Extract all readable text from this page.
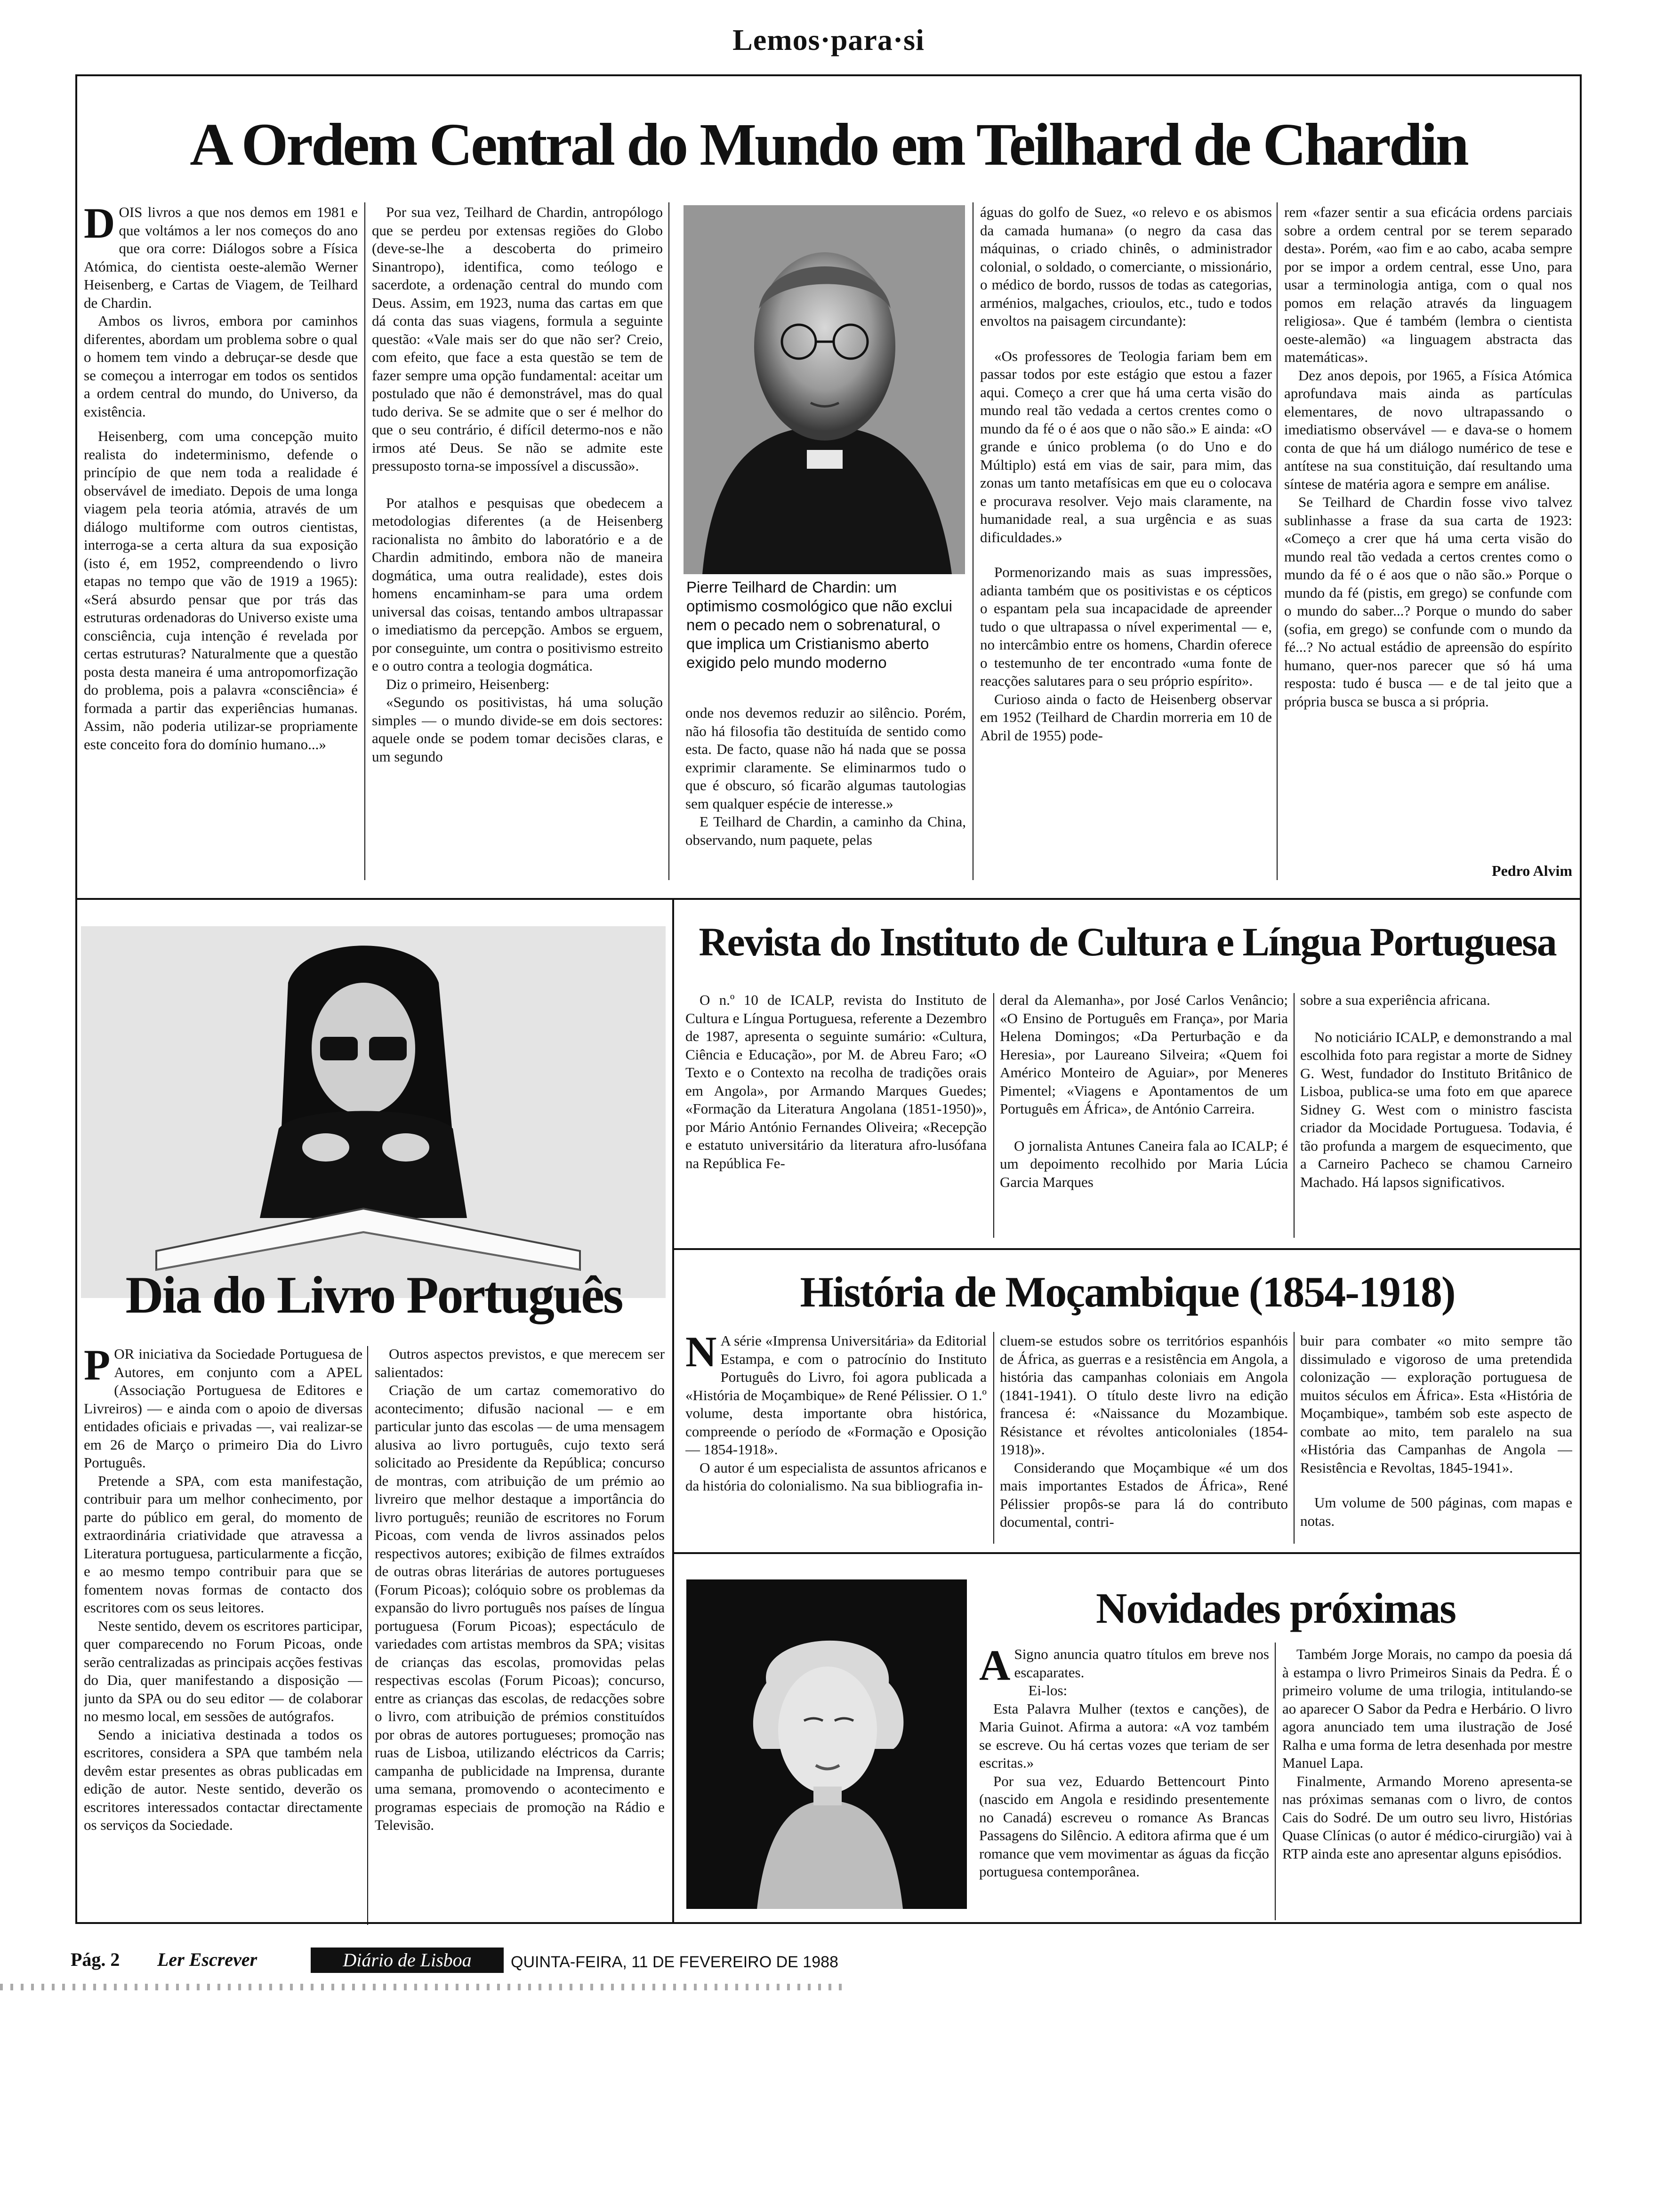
Lemos·para·si
A Ordem Central do Mundo em Teilhard de Chardin

DOIS livros a que nos demos em 1981 e que voltámos a ler nos começos do ano que ora corre: Diálogos sobre a Física Atómica, do cientista oeste-alemão Werner Heisenberg, e Cartas de Viagem, de Teilhard de Chardin.

Ambos os livros, embora por caminhos diferentes, abordam um problema sobre o qual o homem tem vindo a debruçar-se desde que se começou a interrogar em todos os sentidos a ordem central do mundo, do Universo, da existência.

Heisenberg, com uma concepção muito realista do indeterminismo, defende o princípio de que nem toda a realidade é observável de imediato. Depois de uma longa viagem pela teoria atómia, através de um diálogo multiforme com outros cientistas, interroga-se a certa altura da sua exposição (isto é, em 1952, compreendendo o livro etapas no tempo que vão de 1919 a 1965): «Será absurdo pensar que por trás das estruturas ordenadoras do Universo existe uma consciência, cuja intenção é revelada por certas estruturas? Naturalmente que a questão posta desta maneira é uma antropomorfização do problema, pois a palavra «consciência» é formada a partir das experiências humanas. Assim, não poderia utilizar-se propriamente este conceito fora do domínio humano...»

Por sua vez, Teilhard de Chardin, antropólogo que se perdeu por extensas regiões do Globo (deve-se-lhe a descoberta do primeiro Sinantropo), identifica, como teólogo e sacerdote, a ordenação central do mundo com Deus. Assim, em 1923, numa das cartas em que dá conta das suas viagens, formula a seguinte questão: «Vale mais ser do que não ser? Creio, com efeito, que face a esta questão se tem de fazer sempre uma opção fundamental: aceitar um postulado que não é demonstrável, mas do qual tudo deriva. Se se admite que o ser é melhor do que o seu contrário, é difícil determo-nos e não irmos até Deus. Se não se admite este pressuposto torna-se impossível a discussão».

Por atalhos e pesquisas que obedecem a metodologias diferentes (a de Heisenberg racionalista no âmbito do laboratório e a de Chardin admitindo, embora não de maneira dogmática, uma outra realidade), estes dois homens encaminham-se para uma ordem universal das coisas, tentando ambos ultrapassar o imediatismo da percepção. Ambos se erguem, por conseguinte, um contra o positivismo estreito e o outro contra a teologia dogmática.

Diz o primeiro, Heisenberg:

«Segundo os positivistas, há uma solução simples — o mundo divide-se em dois sectores: aquele onde se podem tomar decisões claras, e um segundo

Pierre Teilhard de Chardin: um optimismo cosmológico que não exclui nem o pecado nem o sobrenatural, o que implica um Cristianismo aberto exigido pelo mundo moderno

onde nos devemos reduzir ao silêncio. Porém, não há filosofia tão destituída de sentido como esta. De facto, quase não há nada que se possa exprimir claramente. Se eliminarmos tudo o que é obscuro, só ficarão algumas tautologias sem qualquer espécie de interesse.»

E Teilhard de Chardin, a caminho da China, observando, num paquete, pelas

águas do golfo de Suez, «o relevo e os abismos da camada humana» (o negro da casa das máquinas, o criado chinês, o administrador colonial, o soldado, o comerciante, o missionário, o médico de bordo, russos de todas as categorias, arménios, malgaches, crioulos, etc., tudo e todos envoltos na paisagem circundante):

«Os professores de Teologia fariam bem em passar todos por este estágio que estou a fazer aqui. Começo a crer que há uma certa visão do mundo real tão vedada a certos crentes como o mundo da fé o é aos que o não são.» E ainda: «O grande e único problema (o do Uno e do Múltiplo) está em vias de sair, para mim, das zonas um tanto metafísicas em que eu o colocava e procurava resolver. Vejo mais claramente, na humanidade real, a sua urgência e as suas dificuldades.»

Pormenorizando mais as suas impressões, adianta também que os positivistas e os cépticos o espantam pela sua incapacidade de apreender tudo o que ultrapassa o nível experimental — e, no intercâmbio entre os homens, Chardin oferece o testemunho de ter encontrado «uma fonte de reacções salutares para o seu próprio espírito».

Curioso ainda o facto de Heisenberg observar em 1952 (Teilhard de Chardin morreria em 10 de Abril de 1955) pode-

rem «fazer sentir a sua eficácia ordens parciais sobre a ordem central por se terem separado desta». Porém, «ao fim e ao cabo, acaba sempre por se impor a ordem central, esse Uno, para usar a terminologia antiga, com o qual nos pomos em relação através da linguagem religiosa». Que é também (lembra o cientista oeste-alemão) «a linguagem abstracta das matemáticas».

Dez anos depois, por 1965, a Física Atómica aprofundava mais ainda as partículas elementares, de novo ultrapassando o imediatismo observável — e dava-se o homem conta de que há um diálogo numérico de tese e antítese na sua constituição, daí resultando uma síntese de matéria agora e sempre em análise.

Se Teilhard de Chardin fosse vivo talvez sublinhasse a frase da sua carta de 1923: «Começo a crer que há uma certa visão do mundo real tão vedada a certos crentes como o mundo da fé o é aos que o não são.» Porque o mundo da fé (pistis, em grego) se confunde com o mundo do saber...? Porque o mundo do saber (sofia, em grego) se confunde com o mundo da fé...? No actual estádio de apreensão do espírito humano, quer-nos parecer que só há uma resposta: tudo é busca — e de tal jeito que a própria busca se busca a si própria.

Pedro Alvim
Revista do Instituto de Cultura e Língua Portuguesa

O n.º 10 de ICALP, revista do Instituto de Cultura e Língua Portuguesa, referente a Dezembro de 1987, apresenta o seguinte sumário: «Cultura, Ciência e Educação», por M. de Abreu Faro; «O Texto e o Contexto na recolha de tradições orais em Angola», por Armando Marques Guedes; «Formação da Literatura Angolana (1851-1950)», por Mário António Fernandes Oliveira; «Recepção e estatuto universitário da literatura afro-lusófana na República Fe-

deral da Alemanha», por José Carlos Venâncio; «O Ensino de Português em França», por Maria Helena Domingos; «Da Perturbação e da Heresia», por Laureano Silveira; «Quem foi Américo Monteiro de Aguiar», por Meneres Pimentel; «Viagens e Apontamentos de um Português em África», de António Carreira.

O jornalista Antunes Caneira fala ao ICALP; é um depoimento recolhido por Maria Lúcia Garcia Marques

sobre a sua experiência africana.

No noticiário ICALP, e demonstrando a mal escolhida foto para registar a morte de Sidney G. West, fundador do Instituto Britânico de Lisboa, publica-se uma foto em que aparece Sidney G. West com o ministro fascista criador da Mocidade Portuguesa. Todavia, é tão profunda a margem de esquecimento, que a Carneiro Pacheco se chamou Carneiro Machado. Há lapsos significativos.

Dia do Livro Português

POR iniciativa da Sociedade Portuguesa de Autores, em conjunto com a APEL (Associação Portuguesa de Editores e Livreiros) — e ainda com o apoio de diversas entidades oficiais e privadas —, vai realizar-se em 26 de Março o primeiro Dia do Livro Português.

Pretende a SPA, com esta manifestação, contribuir para um melhor conhecimento, por parte do público em geral, do momento de extraordinária criatividade que atravessa a Literatura portuguesa, particularmente a ficção, e ao mesmo tempo contribuir para que se fomentem novas formas de contacto dos escritores com os seus leitores.

Neste sentido, devem os escritores participar, quer comparecendo no Forum Picoas, onde serão centralizadas as principais acções festivas do Dia, quer manifestando a disposição — junto da SPA ou do seu editor — de colaborar no mesmo local, em sessões de autógrafos.

Sendo a iniciativa destinada a todos os escritores, considera a SPA que também nela devêm estar presentes as obras publicadas em edição de autor. Neste sentido, deverão os escritores interessados contactar directamente os serviços da Sociedade.

Outros aspectos previstos, e que merecem ser salientados:

Criação de um cartaz comemorativo do acontecimento; difusão nacional — e em particular junto das escolas — de uma mensagem alusiva ao livro português, cujo texto será solicitado ao Presidente da República; concurso de montras, com atribuição de um prémio ao livreiro que melhor destaque a importância do livro português; reunião de escritores no Forum Picoas, com venda de livros assinados pelos respectivos autores; exibição de filmes extraídos de outras obras literárias de autores portugueses (Forum Picoas); colóquio sobre os problemas da expansão do livro português nos países de língua portuguesa (Forum Picoas); espectáculo de variedades com artistas membros da SPA; visitas de crianças das escolas, promovidas pelas respectivas escolas (Forum Picoas); concurso, entre as crianças das escolas, de redacções sobre o livro, com atribuição de prémios constituídos por obras de autores portugueses; promoção nas ruas de Lisboa, utilizando eléctricos da Carris; campanha de publicidade na Imprensa, durante uma semana, promovendo o acontecimento e programas especiais de promoção na Rádio e Televisão.

História de Moçambique (1854-1918)

N A série «Imprensa Universitária» da Editorial Estampa, e com o patrocínio do Instituto Português do Livro, foi agora publicada a «História de Moçambique» de René Pélissier. O 1.º volume, desta importante obra histórica, compreende o período de «Formação e Oposição — 1854-1918».

O autor é um especialista de assuntos africanos e da história do colonialismo. Na sua bibliografia in-

cluem-se estudos sobre os territórios espanhóis de África, as guerras e a resistência em Angola, a história das campanhas coloniais em Angola (1841-1941). O título deste livro na edição francesa é: «Naissance du Mozambique. Résistance et révoltes anticoloniales (1854-1918)».

Considerando que Moçambique «é um dos mais importantes Estados de África», René Pélissier propôs-se para lá do contributo documental, contri-

buir para combater «o mito sempre tão dissimulado e vigoroso de uma pretendida colonização — exploração portuguesa de muitos séculos em África». Esta «História de Moçambique», também sob este aspecto de combate ao mito, tem paralelo na sua «História das Campanhas de Angola — Resistência e Revoltas, 1845-1941».

Um volume de 500 páginas, com mapas e notas.

Novidades próximas

A Signo anuncia quatro títulos em breve nos escaparates.

Ei-los:

Esta Palavra Mulher (textos e canções), de Maria Guinot. Afirma a autora: «A voz também se escreve. Ou há certas vozes que teriam de ser escritas.»

Por sua vez, Eduardo Bettencourt Pinto (nascido em Angola e residindo presentemente no Canadá) escreveu o romance As Brancas Passagens do Silêncio. A editora afirma que é um romance que vem movimentar as águas da ficção portuguesa contemporânea.

Também Jorge Morais, no campo da poesia dá à estampa o livro Primeiros Sinais da Pedra. É o primeiro volume de uma trilogia, intitulando-se ao aparecer O Sabor da Pedra e Herbário. O livro agora anunciado tem uma ilustração de José Ralha e uma forma de letra desenhada por mestre Manuel Lapa.

Finalmente, Armando Moreno apresenta-se nas próximas semanas com o livro, de contos Cais do Sodré. De um outro seu livro, Histórias Quase Clínicas (o autor é médico-cirurgião) vai à RTP ainda este ano apresentar alguns episódios.

Pág. 2 Ler Escrever	Diário de Lisboa	QUINTA-FEIRA, 11 DE FEVEREIRO DE 1988
